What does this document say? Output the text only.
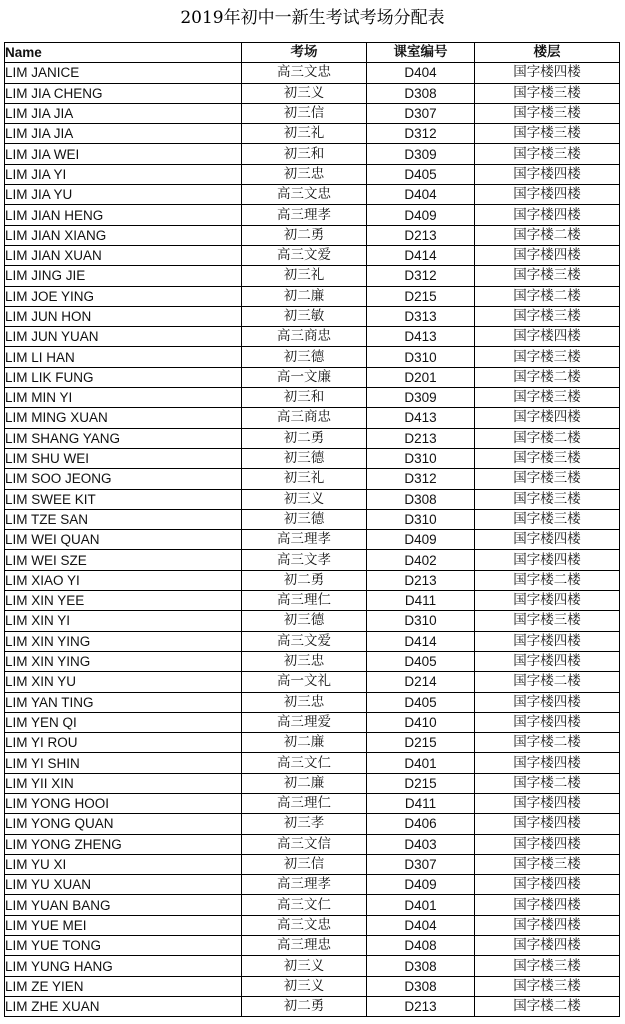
2019年初中一新生考试考场分配表
Name	考场	课室编号	楼层
LIM JANICE	高三文忠	D404	国字楼四楼
LIM JIA CHENG	初三义	D308	国字楼三楼
LIM JIA JIA	初三信	D307	国字楼三楼
LIM JIA JIA	初三礼	D312	国字楼三楼
LIM JIA WEI	初三和	D309	国字楼三楼
LIM JIA YI	初三忠	D405	国字楼四楼
LIM JIA YU	高三文忠	D404	国字楼四楼
LIM JIAN HENG	高三理孝	D409	国字楼四楼
LIM JIAN XIANG	初二勇	D213	国字楼二楼
LIM JIAN XUAN	高三文爱	D414	国字楼四楼
LIM JING JIE	初三礼	D312	国字楼三楼
LIM JOE YING	初二廉	D215	国字楼二楼
LIM JUN HON	初三敏	D313	国字楼三楼
LIM JUN YUAN	高三商忠	D413	国字楼四楼
LIM LI HAN	初三德	D310	国字楼三楼
LIM LIK FUNG	高一文廉	D201	国字楼二楼
LIM MIN YI	初三和	D309	国字楼三楼
LIM MING XUAN	高三商忠	D413	国字楼四楼
LIM SHANG YANG	初二勇	D213	国字楼二楼
LIM SHU WEI	初三德	D310	国字楼三楼
LIM SOO JEONG	初三礼	D312	国字楼三楼
LIM SWEE KIT	初三义	D308	国字楼三楼
LIM TZE SAN	初三德	D310	国字楼三楼
LIM WEI QUAN	高三理孝	D409	国字楼四楼
LIM WEI SZE	高三文孝	D402	国字楼四楼
LIM XIAO YI	初二勇	D213	国字楼二楼
LIM XIN YEE	高三理仁	D411	国字楼四楼
LIM XIN YI	初三德	D310	国字楼三楼
LIM XIN YING	高三文爱	D414	国字楼四楼
LIM XIN YING	初三忠	D405	国字楼四楼
LIM XIN YU	高一文礼	D214	国字楼二楼
LIM YAN TING	初三忠	D405	国字楼四楼
LIM YEN QI	高三理爱	D410	国字楼四楼
LIM YI ROU	初二廉	D215	国字楼二楼
LIM YI SHIN	高三文仁	D401	国字楼四楼
LIM YII XIN	初二廉	D215	国字楼二楼
LIM YONG HOOI	高三理仁	D411	国字楼四楼
LIM YONG QUAN	初三孝	D406	国字楼四楼
LIM YONG ZHENG	高三文信	D403	国字楼四楼
LIM YU XI	初三信	D307	国字楼三楼
LIM YU XUAN	高三理孝	D409	国字楼四楼
LIM YUAN BANG	高三文仁	D401	国字楼四楼
LIM YUE MEI	高三文忠	D404	国字楼四楼
LIM YUE TONG	高三理忠	D408	国字楼四楼
LIM YUNG HANG	初三义	D308	国字楼三楼
LIM ZE YIEN	初三义	D308	国字楼三楼
LIM ZHE XUAN	初二勇	D213	国字楼二楼
